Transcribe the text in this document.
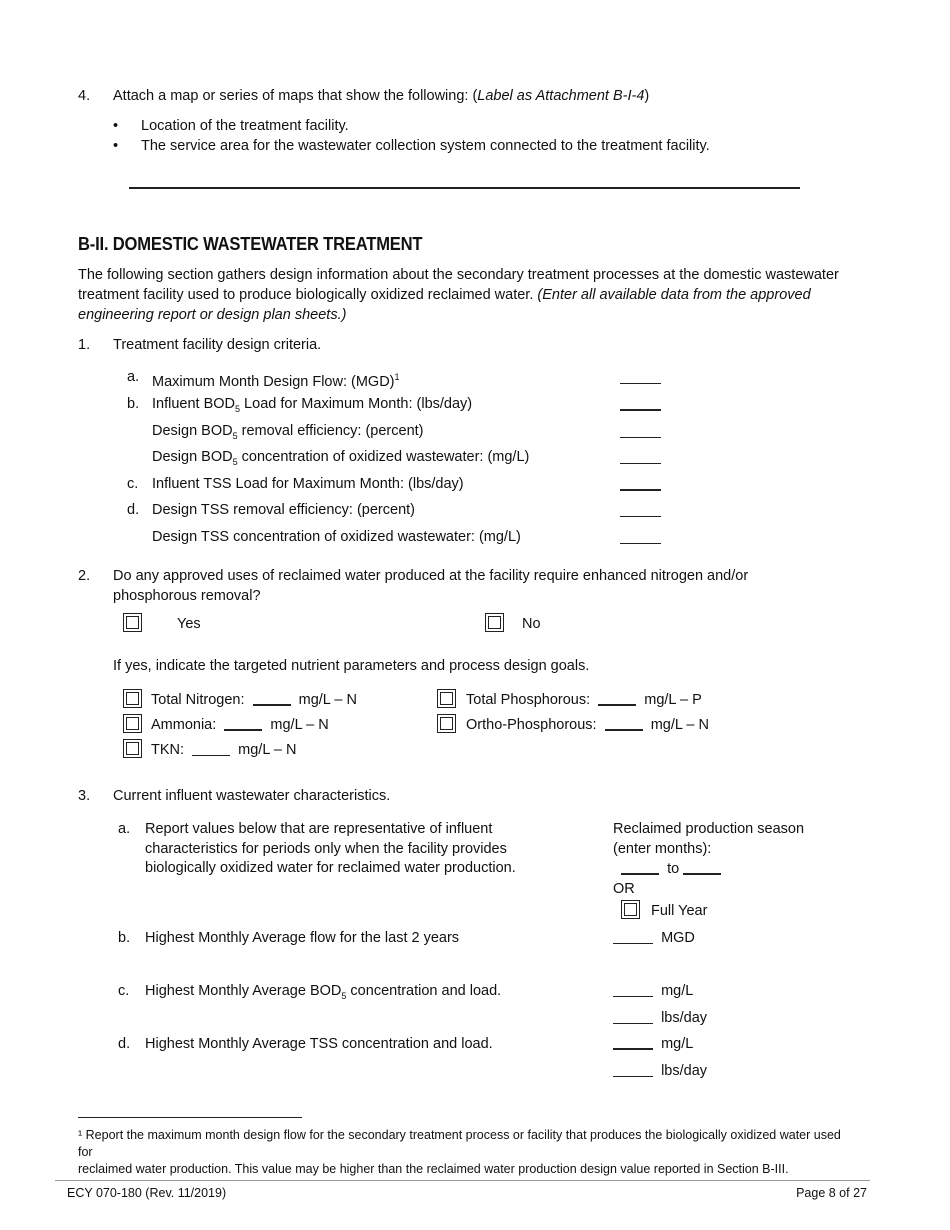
4. Attach a map or series of maps that show the following: (Label as Attachment B-I-4)
• Location of the treatment facility.
• The service area for the wastewater collection system connected to the treatment facility.
B-II. DOMESTIC WASTEWATER TREATMENT
The following section gathers design information about the secondary treatment processes at the domestic wastewater
treatment facility used to produce biologically oxidized reclaimed water. (Enter all available data from the approved
engineering report or design plan sheets.)
1. Treatment facility design criteria.
a. Maximum Month Design Flow: (MGD)$^1$
b. Influent $BOD_5$ Load for Maximum Month: (lbs/day)
Design $BOD_5$ removal efficiency: (percent)
Design $BOD_5$ concentration of oxidized wastewater: (mg/L)
c. Influent TSS Load for Maximum Month: (lbs/day)
d. Design TSS removal efficiency: (percent)
Design TSS concentration of oxidized wastewater: (mg/L)
2. Do any approved uses of reclaimed water produced at the facility require enhanced nitrogen and/or
phosphorous removal?
Yes	No
If yes, indicate the targeted nutrient parameters and process design goals.
Total Nitrogen:	mg/L – N
Ammonia:	mg/L – N
TKN:	mg/L – N
Total Phosphorous:	mg/L – P
Ortho-Phosphorous:	mg/L – N
3. Current influent wastewater characteristics.
a. Report values below that are representative of influent
characteristics for periods only when the facility provides
biologically oxidized water for reclaimed water production.
Reclaimed production season
(enter months):
to
OR
Full Year
b. Highest Monthly Average flow for the last 2 years	MGD
c. Highest Monthly Average $BOD_5$ concentration and load.	mg/L
lbs/day
d. Highest Monthly Average TSS concentration and load.	mg/L
lbs/day
¹ Report the maximum month design flow for the secondary treatment process or facility that produces the biologically oxidized water used for
reclaimed water production. This value may be higher than the reclaimed water production design value reported in Section B-III.
ECY 070-180 (Rev. 11/2019)	Page 8 of 27
